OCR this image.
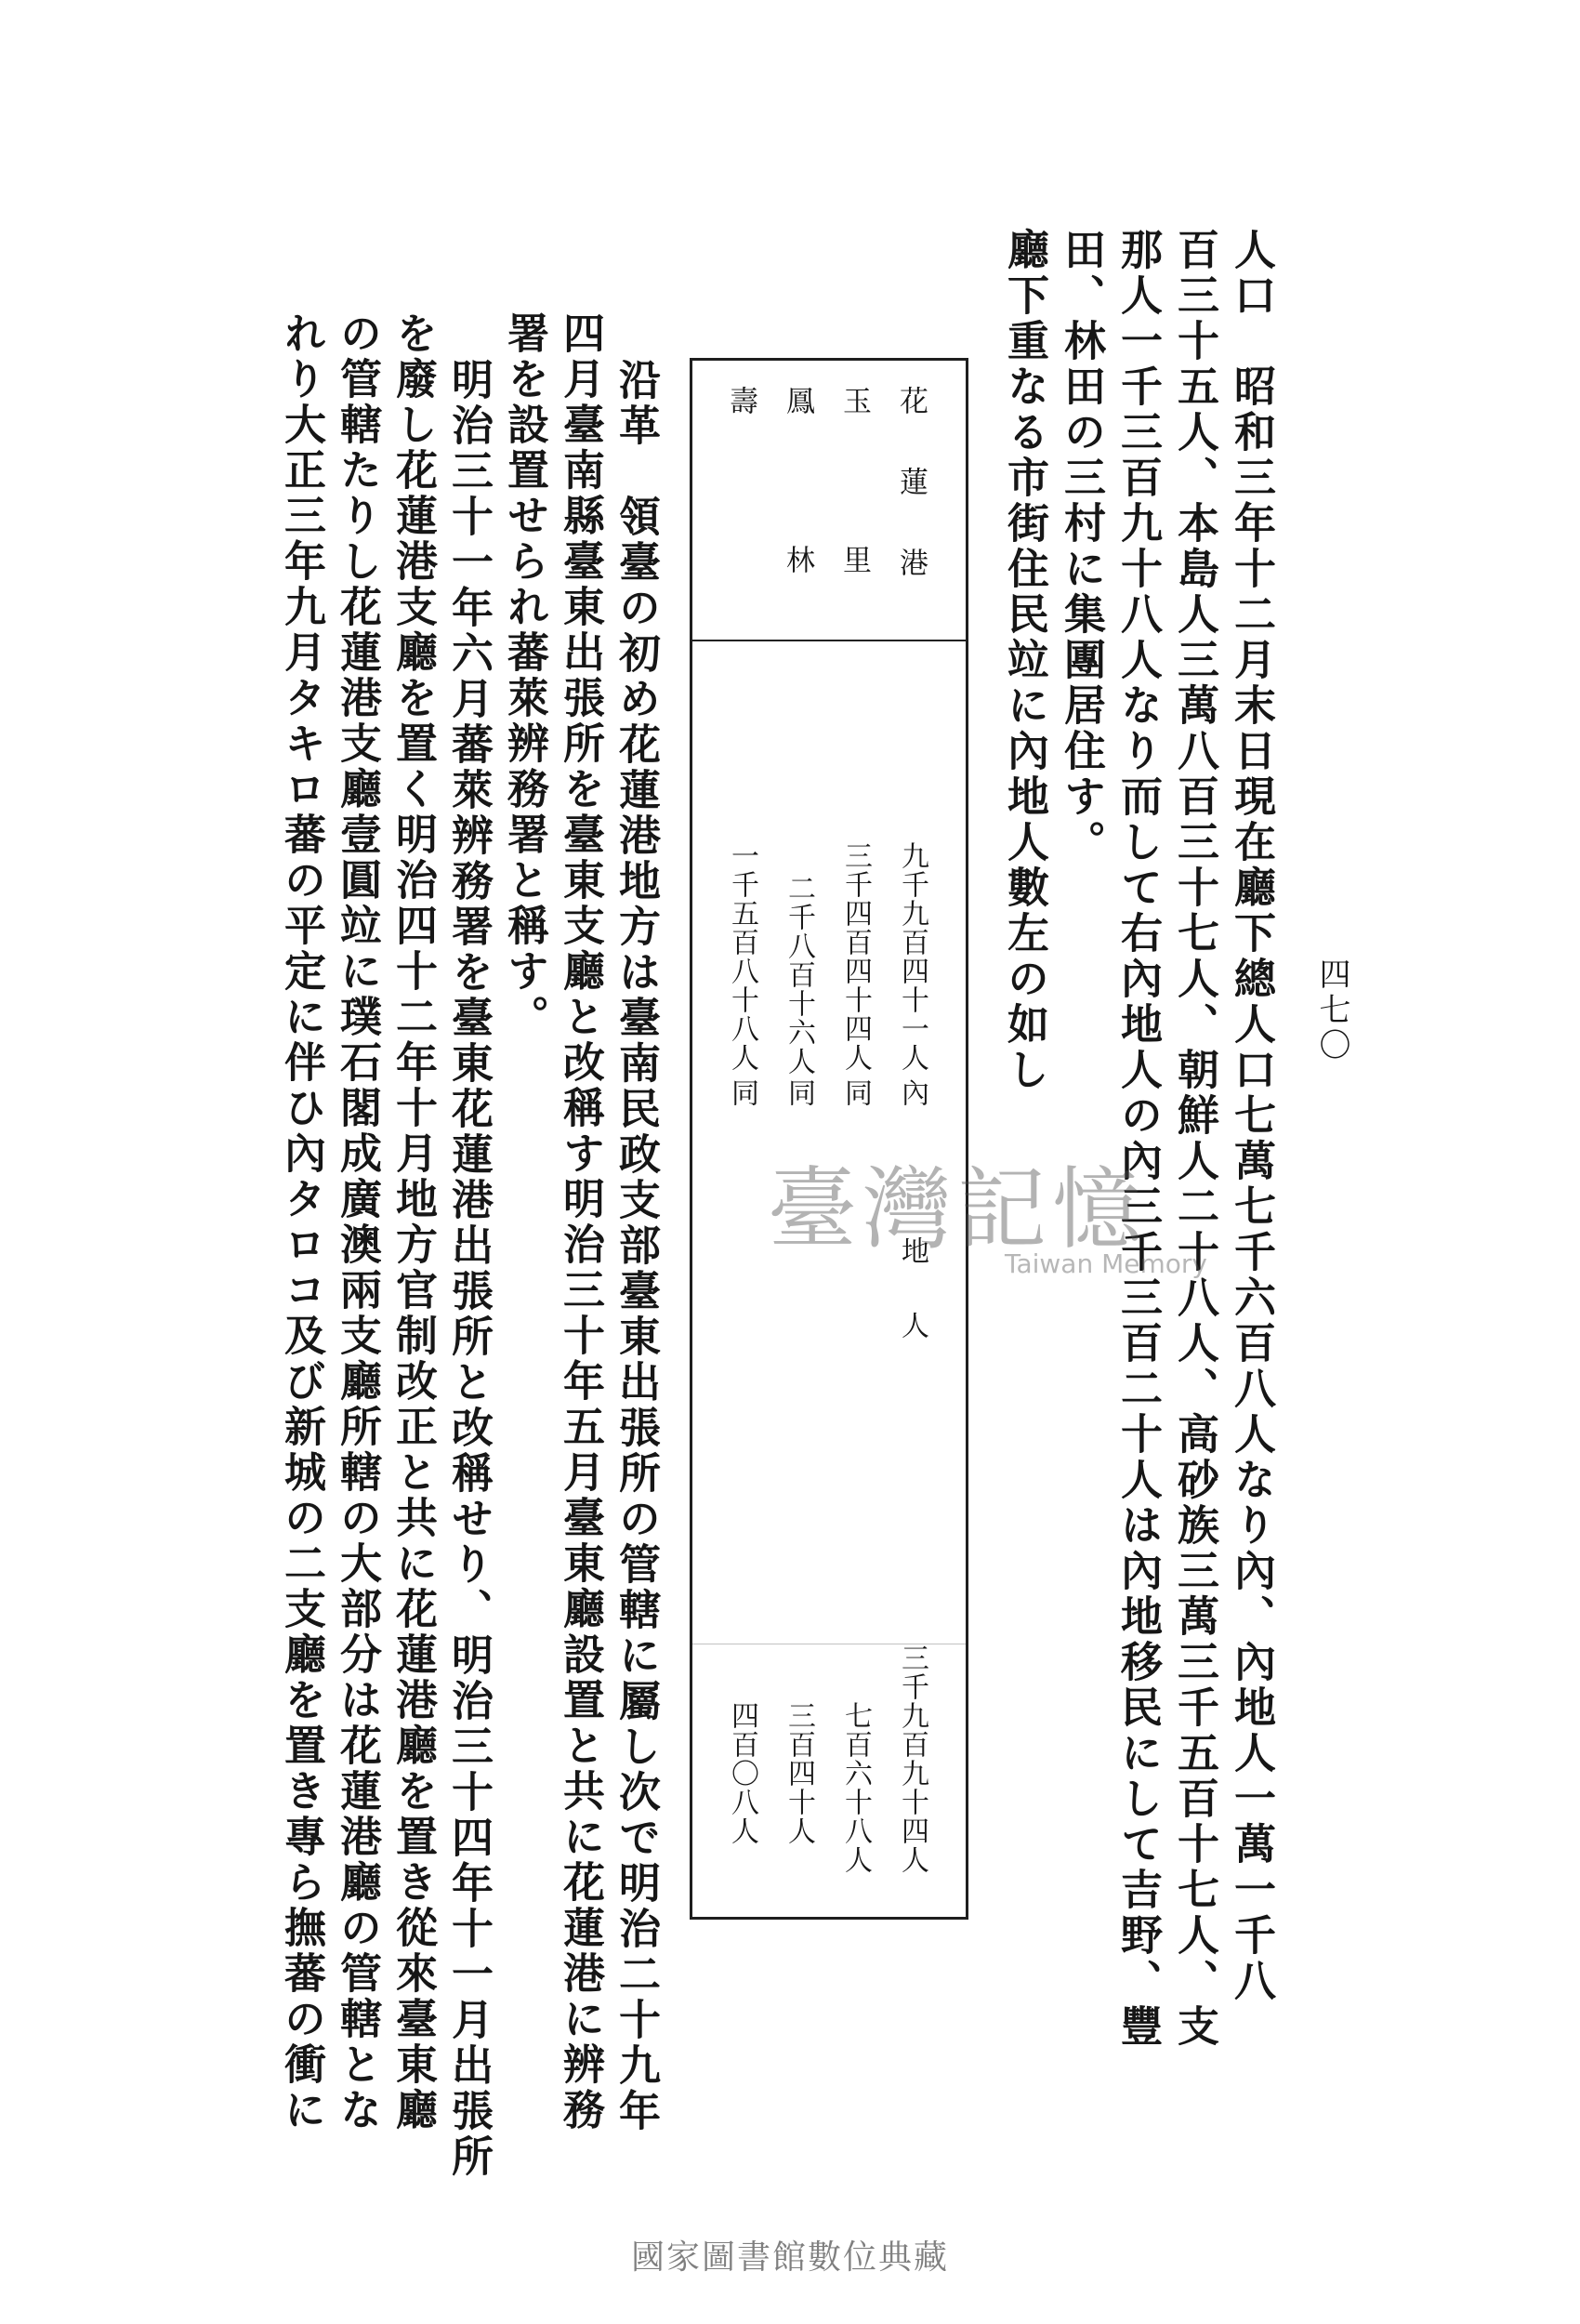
四七〇
人口　昭和三年十二月末日現在廳下總人口七萬七千六百八人なり內、內地人一萬一千八
百三十五人、本島人三萬八百三十七人、朝鮮人二十八人、高砂族三萬三千五百十七人、支
那人一千三百九十八人なり而して右內地人の內三千三百二十人は內地移民にして吉野、豐
田、林田の三村に集團居住す。
廳下重なる市街住民竝に內地人數左の如し
花蓮港
九千九百四十一人
內
地人
三千九百九十四人
玉里
三千四百四十四人
同
七百六十八人
鳳林
二千八百十六人
同
三百四十人
壽
一千五百八十八人
同
四百〇八人
沿革　領臺の初め花蓮港地方は臺南民政支部臺東出張所の管轄に屬し次で明治二十九年
四月臺南縣臺東出張所を臺東支廳と改稱す明治三十年五月臺東廳設置と共に花蓮港に辨務
署を設置せられ蕃萊辨務署と稱す。
明治三十一年六月蕃萊辨務署を臺東花蓮港出張所と改稱せり、明治三十四年十一月出張所
を廢し花蓮港支廳を置く明治四十二年十月地方官制改正と共に花蓮港廳を置き從來臺東廳
の管轄たりし花蓮港支廳壹圓竝に璞石閣成廣澳兩支廳所轄の大部分は花蓮港廳の管轄とな
れり大正三年九月タキロ蕃の平定に伴ひ內タロコ及び新城の二支廳を置き專ら撫蕃の衝に	臺灣記憶
Taiwan Memory
國家圖書館數位典藏
